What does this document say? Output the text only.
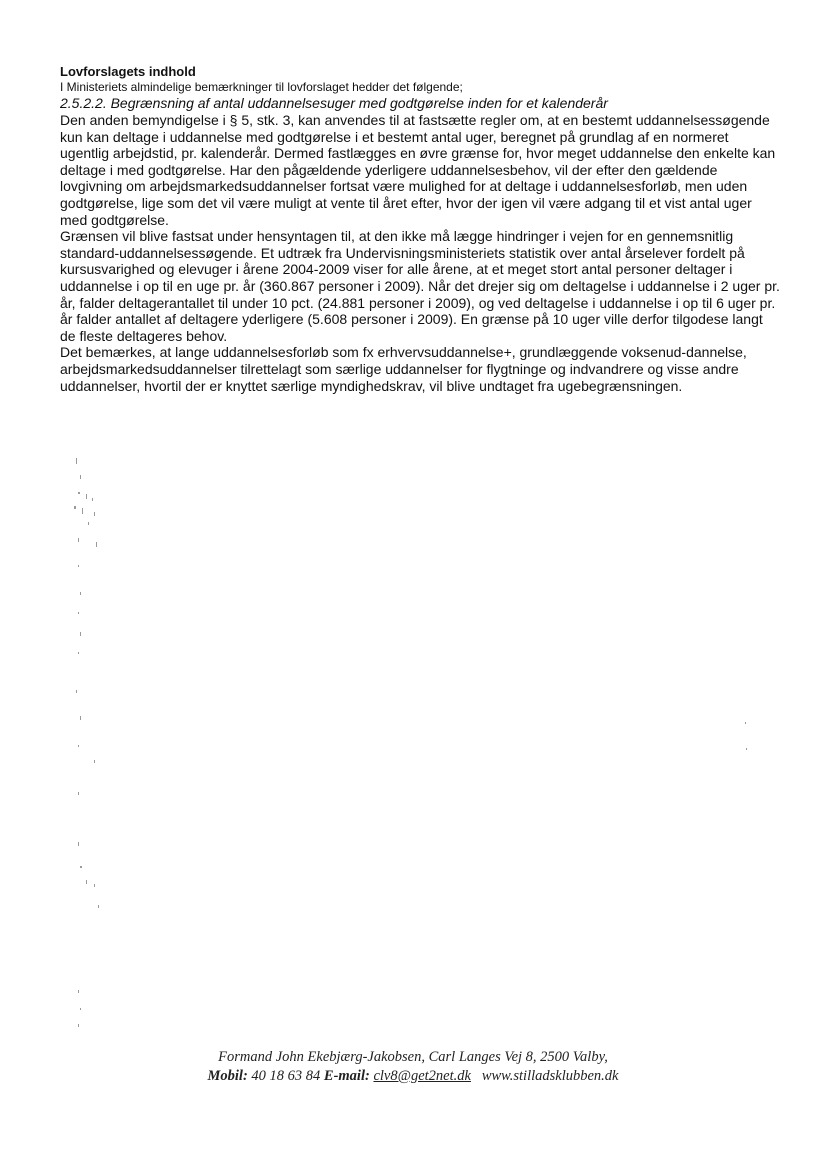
Lovforslagets indhold

I Ministeriets almindelige bemærkninger til lovforslaget hedder det følgende;

2.5.2.2. Begrænsning af antal uddannelsesuger med godtgørelse inden for et kalenderår

Den anden bemyndigelse i § 5, stk. 3, kan anvendes til at fastsætte regler om, at en bestemt uddannelsessøgende kun kan deltage i uddannelse med godtgørelse i et bestemt antal uger, beregnet på grundlag af en normeret ugentlig arbejdstid, pr. kalenderår. Dermed fastlægges en øvre grænse for, hvor meget uddannelse den enkelte kan deltage i med godtgørelse. Har den pågældende yderligere uddannelsesbehov, vil der efter den gældende lovgivning om arbejdsmarkedsuddannelser fortsat være mulighed for at deltage i uddannelsesforløb, men uden godtgørelse, lige som det vil være muligt at vente til året efter, hvor der igen vil være adgang til et vist antal uger med godtgørelse.

Grænsen vil blive fastsat under hensyntagen til, at den ikke må lægge hindringer i vejen for en gennemsnitlig standard-uddannelsessøgende. Et udtræk fra Undervisningsministeriets statistik over antal årselever fordelt på kursusvarighed og elevuger i årene 2004-2009 viser for alle årene, at et meget stort antal personer deltager i uddannelse i op til en uge pr. år (360.867 personer i 2009). Når det drejer sig om deltagelse i uddannelse i 2 uger pr. år, falder deltagerantallet til under 10 pct. (24.881 personer i 2009), og ved deltagelse i uddannelse i op til 6 uger pr. år falder antallet af deltagere yderligere (5.608 personer i 2009). En grænse på 10 uger ville derfor tilgodese langt de fleste deltageres behov.

Det bemærkes, at lange uddannelsesforløb som fx erhvervsuddannelse+, grundlæggende voksenud-dannelse, arbejdsmarkedsuddannelser tilrettelagt som særlige uddannelser for flygtninge og indvandrere og visse andre uddannelser, hvortil der er knyttet særlige myndighedskrav, vil blive undtaget fra ugebegrænsningen.

Formand John Ekebjærg-Jakobsen, Carl Langes Vej 8, 2500 Valby,
Mobil: 40 18 63 84 E-mail: clv8@get2net.dk www.stilladsklubben.dk
